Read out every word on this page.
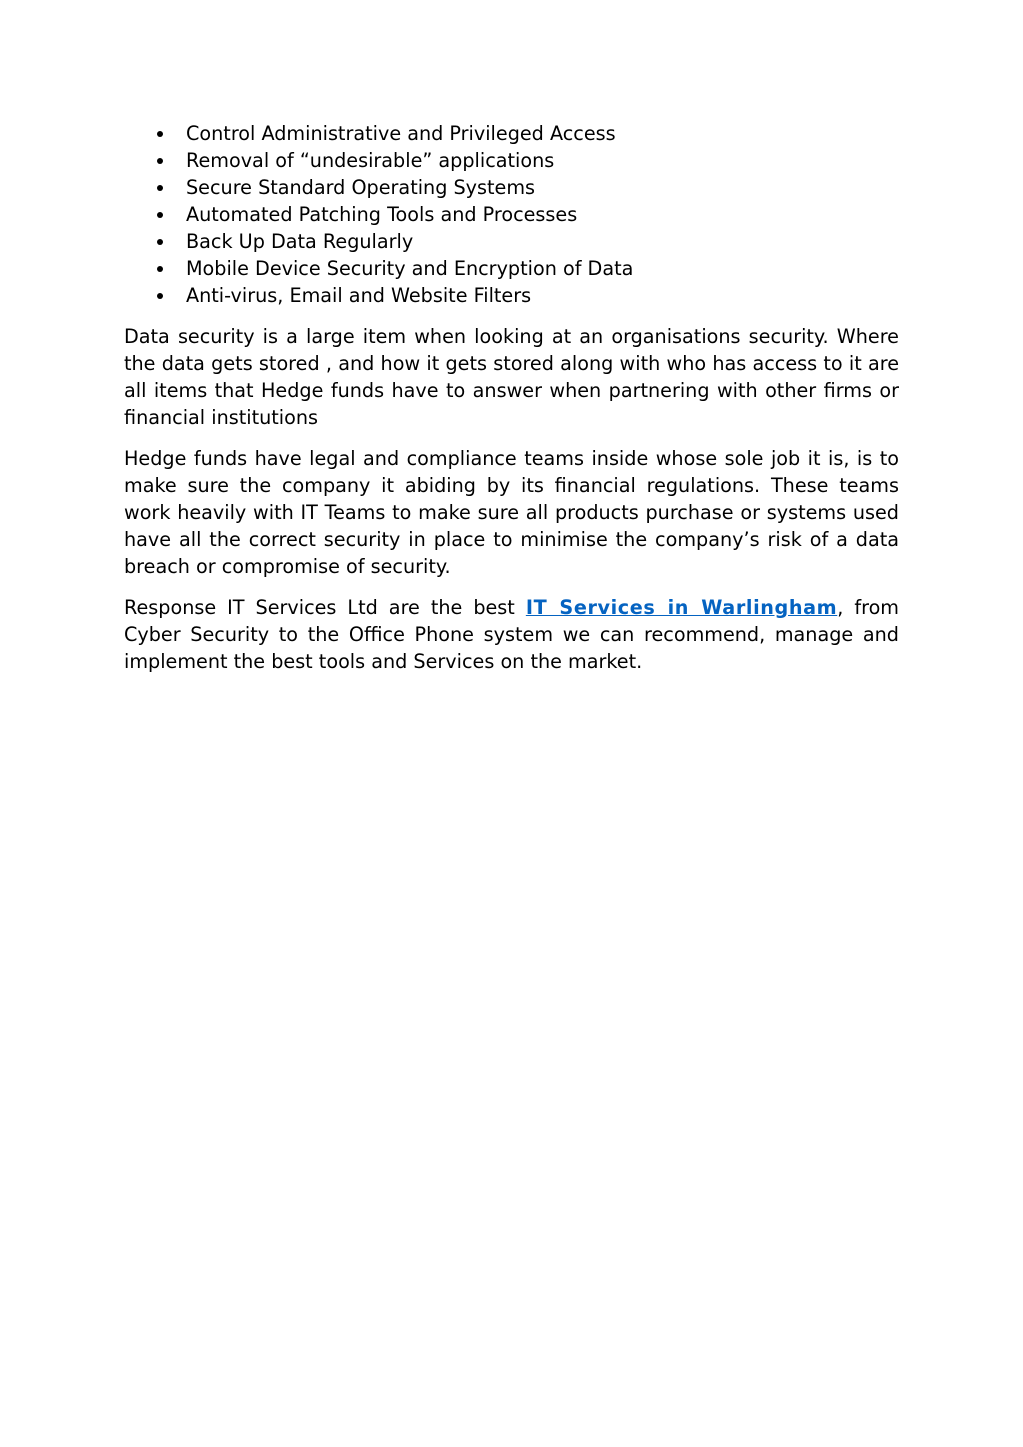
Control Administrative and Privileged Access
Removal of “undesirable” applications
Secure Standard Operating Systems
Automated Patching Tools and Processes
Back Up Data Regularly
Mobile Device Security and Encryption of Data
Anti-virus, Email and Website Filters

Data security is a large item when looking at an organisations security. Where the data gets stored , and how it gets stored along with who has access to it are all items that Hedge funds have to answer when partnering with other firms or financial institutions

Hedge funds have legal and compliance teams inside whose sole job it is, is to make sure the company it abiding by its financial regulations. These teams work heavily with IT Teams to make sure all products purchase or systems used have all the correct security in place to minimise the company’s risk of a data breach or compromise of security.

Response IT Services Ltd are the best IT Services in Warlingham, from Cyber Security to the Office Phone system we can recommend, manage and implement the best tools and Services on the market.
